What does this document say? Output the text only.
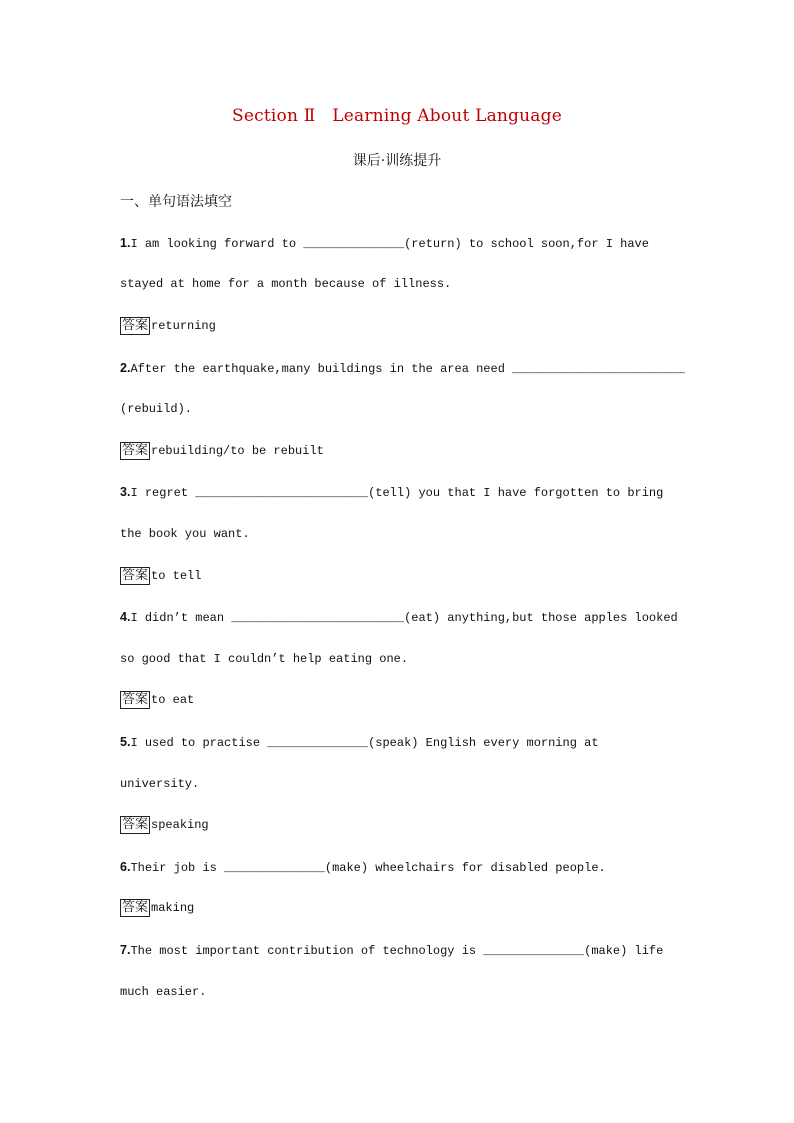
Section Ⅱ   Learning About Language
课后·训练提升
一、单句语法填空
1.I am looking forward to ______________(return) to school soon,for I have
stayed at home for a month because of illness.
答案 returning
2.After the earthquake,many buildings in the area need ________________________
(rebuild).
答案 rebuilding/to be rebuilt
3.I regret ________________________(tell) you that I have forgotten to bring
the book you want.
答案 to tell
4.I didn’t mean ________________________(eat) anything,but those apples looked
so good that I couldn’t help eating one.
答案 to eat
5.I used to practise ______________(speak) English every morning at
university.
答案 speaking
6.Their job is ______________(make) wheelchairs for disabled people.
答案 making
7.The most important contribution of technology is ______________(make) life
much easier.
